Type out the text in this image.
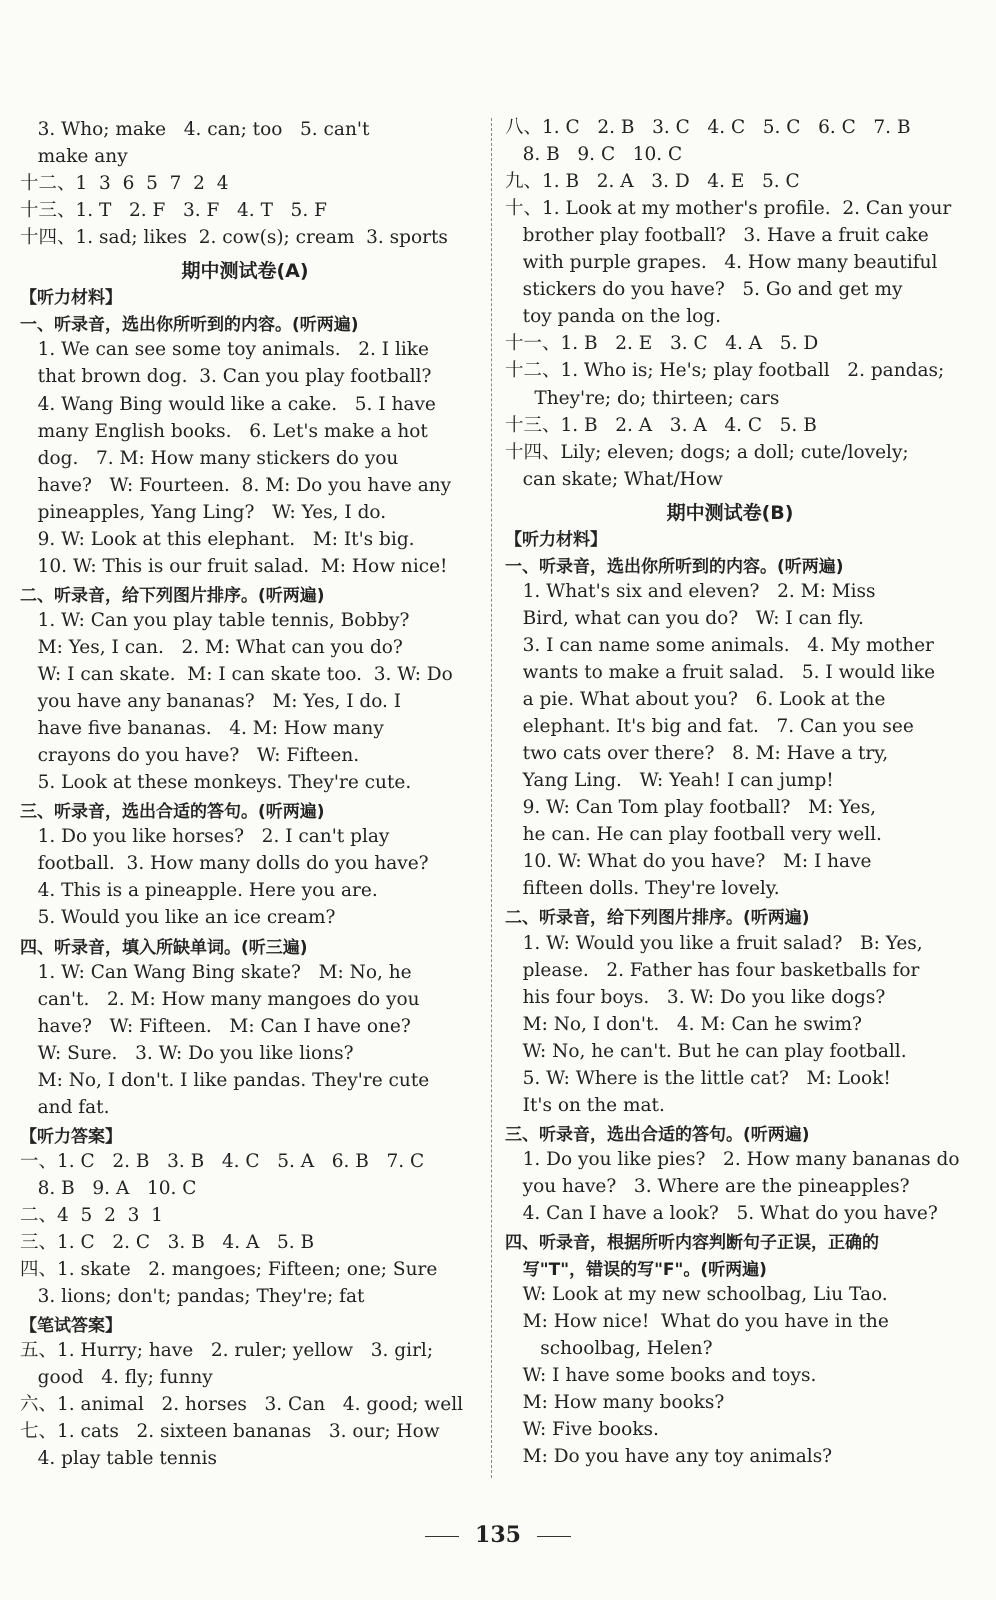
3. Who; make   4. can; too   5. can't
make any
十二、1  3  6  5  7  2  4
十三、1. T   2. F   3. F   4. T   5. F
十四、1. sad; likes  2. cow(s); cream  3. sports
期中测试卷(A)
【听力材料】
一、听录音，选出你所听到的内容。(听两遍)
1. We can see some toy animals.   2. I like
that brown dog.  3. Can you play football?
4. Wang Bing would like a cake.   5. I have
many English books.   6. Let's make a hot
dog.   7. M: How many stickers do you
have?   W: Fourteen.  8. M: Do you have any
pineapples, Yang Ling?   W: Yes, I do.
9. W: Look at this elephant.   M: It's big.
10. W: This is our fruit salad.  M: How nice!
二、听录音，给下列图片排序。(听两遍)
1. W: Can you play table tennis, Bobby?
M: Yes, I can.   2. M: What can you do?
W: I can skate.  M: I can skate too.  3. W: Do
you have any bananas?   M: Yes, I do. I
have five bananas.   4. M: How many
crayons do you have?   W: Fifteen.
5. Look at these monkeys. They're cute.
三、听录音，选出合适的答句。(听两遍)
1. Do you like horses?   2. I can't play
football.  3. How many dolls do you have?
4. This is a pineapple. Here you are.
5. Would you like an ice cream?
四、听录音，填入所缺单词。(听三遍)
1. W: Can Wang Bing skate?   M: No, he
can't.   2. M: How many mangoes do you
have?   W: Fifteen.   M: Can I have one?
W: Sure.   3. W: Do you like lions?
M: No, I don't. I like pandas. They're cute
and fat.
【听力答案】
一、1. C   2. B   3. B   4. C   5. A   6. B   7. C
8. B   9. A   10. C
二、4  5  2  3  1
三、1. C   2. C   3. B   4. A   5. B
四、1. skate   2. mangoes; Fifteen; one; Sure
3. lions; don't; pandas; They're; fat
【笔试答案】
五、1. Hurry; have   2. ruler; yellow   3. girl;
good   4. fly; funny
六、1. animal   2. horses   3. Can   4. good; well
七、1. cats   2. sixteen bananas   3. our; How
4. play table tennis
八、1. C   2. B   3. C   4. C   5. C   6. C   7. B
8. B   9. C   10. C
九、1. B   2. A   3. D   4. E   5. C
十、1. Look at my mother's profile.  2. Can your
brother play football?   3. Have a fruit cake
with purple grapes.   4. How many beautiful
stickers do you have?   5. Go and get my
toy panda on the log.
十一、1. B   2. E   3. C   4. A   5. D
十二、1. Who is; He's; play football   2. pandas;
They're; do; thirteen; cars
十三、1. B   2. A   3. A   4. C   5. B
十四、Lily; eleven; dogs; a doll; cute/lovely;
can skate; What/How
期中测试卷(B)
【听力材料】
一、听录音，选出你所听到的内容。(听两遍)
1. What's six and eleven?   2. M: Miss
Bird, what can you do?   W: I can fly.
3. I can name some animals.   4. My mother
wants to make a fruit salad.   5. I would like
a pie. What about you?   6. Look at the
elephant. It's big and fat.   7. Can you see
two cats over there?   8. M: Have a try,
Yang Ling.   W: Yeah! I can jump!
9. W: Can Tom play football?   M: Yes,
he can. He can play football very well.
10. W: What do you have?   M: I have
fifteen dolls. They're lovely.
二、听录音，给下列图片排序。(听两遍)
1. W: Would you like a fruit salad?   B: Yes,
please.   2. Father has four basketballs for
his four boys.   3. W: Do you like dogs?
M: No, I don't.   4. M: Can he swim?
W: No, he can't. But he can play football.
5. W: Where is the little cat?   M: Look!
It's on the mat.
三、听录音，选出合适的答句。(听两遍)
1. Do you like pies?   2. How many bananas do
you have?   3. Where are the pineapples?
4. Can I have a look?   5. What do you have?
四、听录音，根据所听内容判断句子正误，正确的
写"T"，错误的写"F"。(听两遍)
W: Look at my new schoolbag, Liu Tao.
M: How nice!  What do you have in the
schoolbag, Helen?
W: I have some books and toys.
M: How many books?
W: Five books.
M: Do you have any toy animals?
135
